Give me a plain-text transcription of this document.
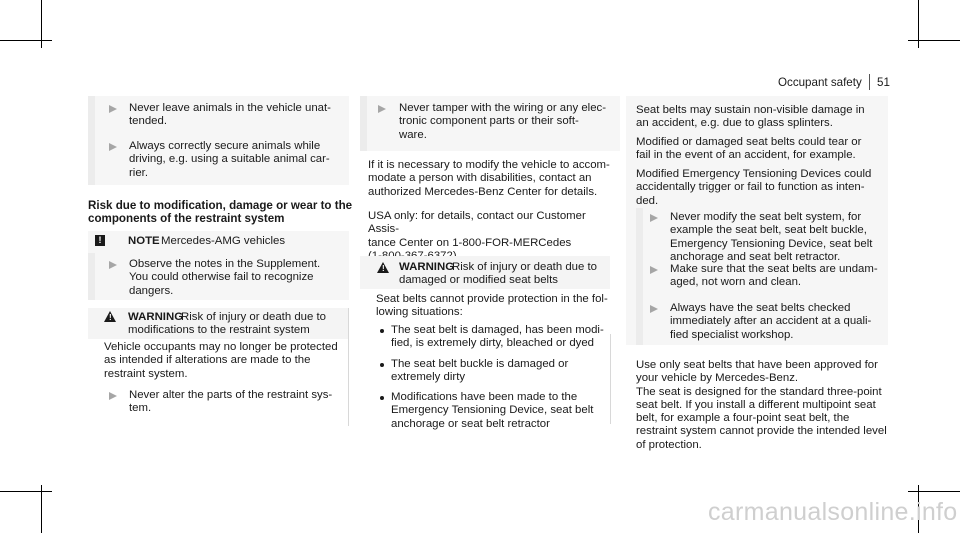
Occupant safety 51
Never leave animals in the vehicle unat-
tended.
Always correctly secure animals while
driving, e.g. using a suitable animal car-
rier.
Risk due to modification, damage or wear to the
components of the restraint system
!	NOTE Mercedes-AMG vehicles
Observe the notes in the Supplement.
You could otherwise fail to recognize
dangers.
! WARNING
Risk of injury or death due to
modifications to the restraint system
Vehicle occupants may no longer be protected
as intended if alterations are made to the
restraint system.
Never alter the parts of the restraint sys-
tem.
Never tamper with the wiring or any elec-
tronic component parts or their soft-
ware.
If it is necessary to modify the vehicle to accom-
modate a person with disabilities, contact an
authorized Mercedes-Benz Center for details.
USA only: for details, contact our Customer Assis-
tance Center on 1-800-FOR-MERCedes
! WARNING
Risk of injury or death due to
damaged or modified seat belts
Seat belts cannot provide protection in the fol-
lowing situations:
The seat belt is damaged, has been modi-
fied, is extremely dirty, bleached or dyed
The seat belt buckle is damaged or
extremely dirty
Modifications have been made to the
Emergency Tensioning Device, seat belt
anchorage or seat belt retractor
Seat belts may sustain non-visible damage in
an accident, e.g. due to glass splinters.
Modified or damaged seat belts could tear or
fail in the event of an accident, for example.
Modified Emergency Tensioning Devices could
accidentally trigger or fail to function as inten-
ded.
Never modify the seat belt system, for
example the seat belt, seat belt buckle,
Emergency Tensioning Device, seat belt
anchorage and seat belt retractor.
Make sure that the seat belts are undam-
aged, not worn and clean.
Always have the seat belts checked
immediately after an accident at a quali-
fied specialist workshop.
Use only seat belts that have been approved for
your vehicle by Mercedes-Benz.
The seat is designed for the standard three-point
seat belt. If you install a different multipoint seat
belt, for example a four-point seat belt, the
restraint system cannot provide the intended level
of protection.
carmanualsonline.info
